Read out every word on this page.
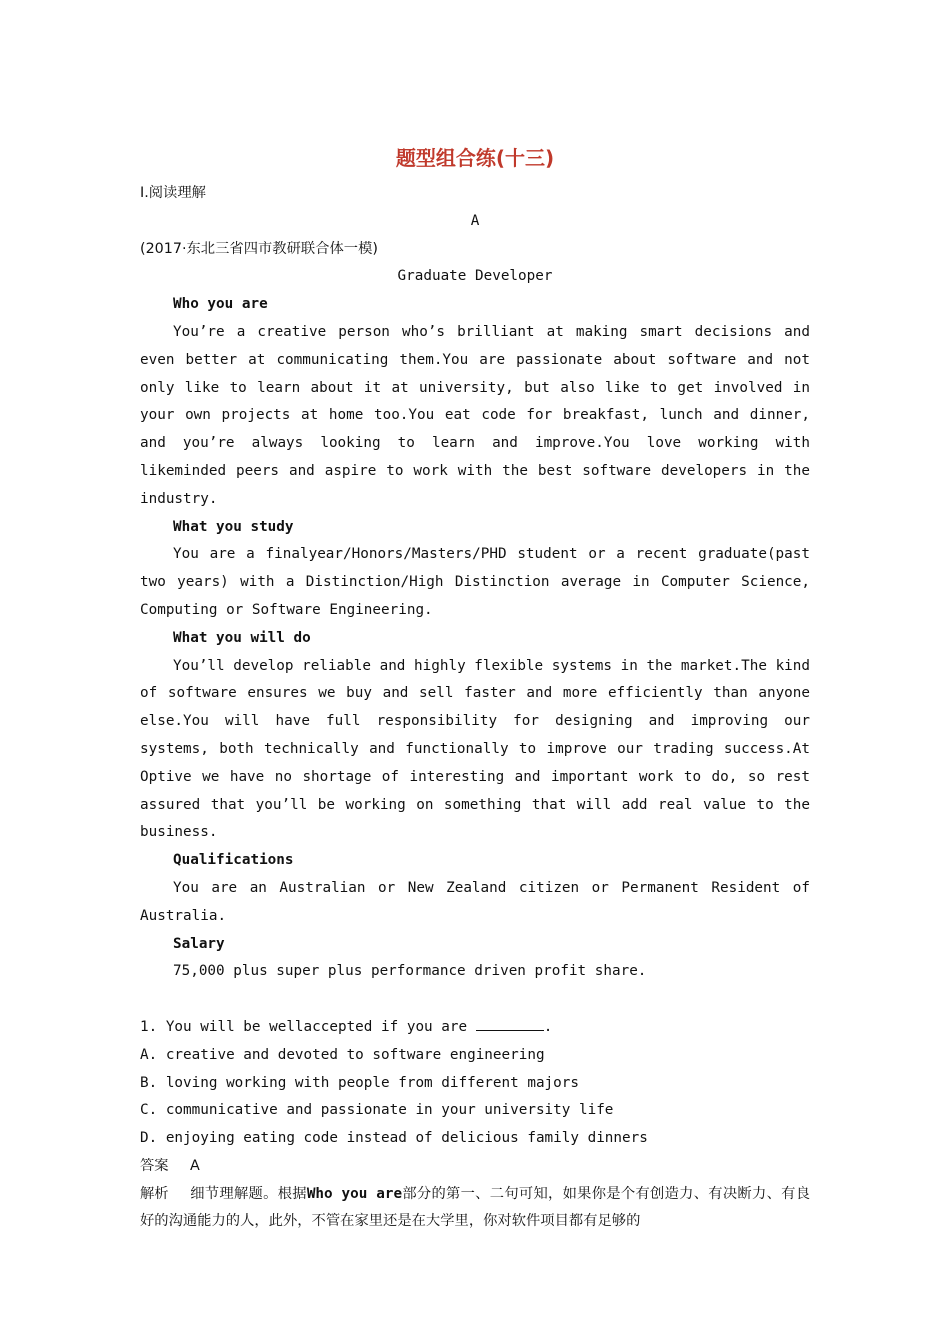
题型组合练(十三)
Ⅰ.阅读理解
A
(2017·东北三省四市教研联合体一模)
Graduate Developer
Who you are

You’re a creative person who’s brilliant at making smart decisions and even better at communicating them.You are passionate about software and not only like to learn about it at university, but also like to get involved in your own projects at home too.You eat code for breakfast, lunch and dinner, and you’re always looking to learn and improve.You love working with likeminded peers and aspire to work with the best software developers in the industry.

What you study

You are a finalyear/Honors/Masters/PHD student or a recent graduate(past two years) with a Distinction/High Distinction average in Computer Science, Computing or Software Engineering.

What you will do

You’ll develop reliable and highly flexible systems in the market.The kind of software ensures we buy and sell faster and more efficiently than anyone else.You will have full responsibility for designing and improving our systems, both technically and functionally to improve our trading success.At Optive we have no shortage of interesting and important work to do, so rest assured that you’ll be working on something that will add real value to the business.

Qualifications

You are an Australian or New Zealand citizen or Permanent Resident of Australia.

Salary

75,000 plus super plus performance driven profit share.

1. You will be wellaccepted if you are	.
A. creative and devoted to software engineering
B. loving working with people from different majors
C. communicative and passionate in your university life
D. enjoying eating code instead of delicious family dinners
答案 A

解析 细节理解题。根据Who you are部分的第一、二句可知，如果你是个有创造力、有决断力、有良好的沟通能力的人，此外，不管在家里还是在大学里，你对软件项目都有足够的
